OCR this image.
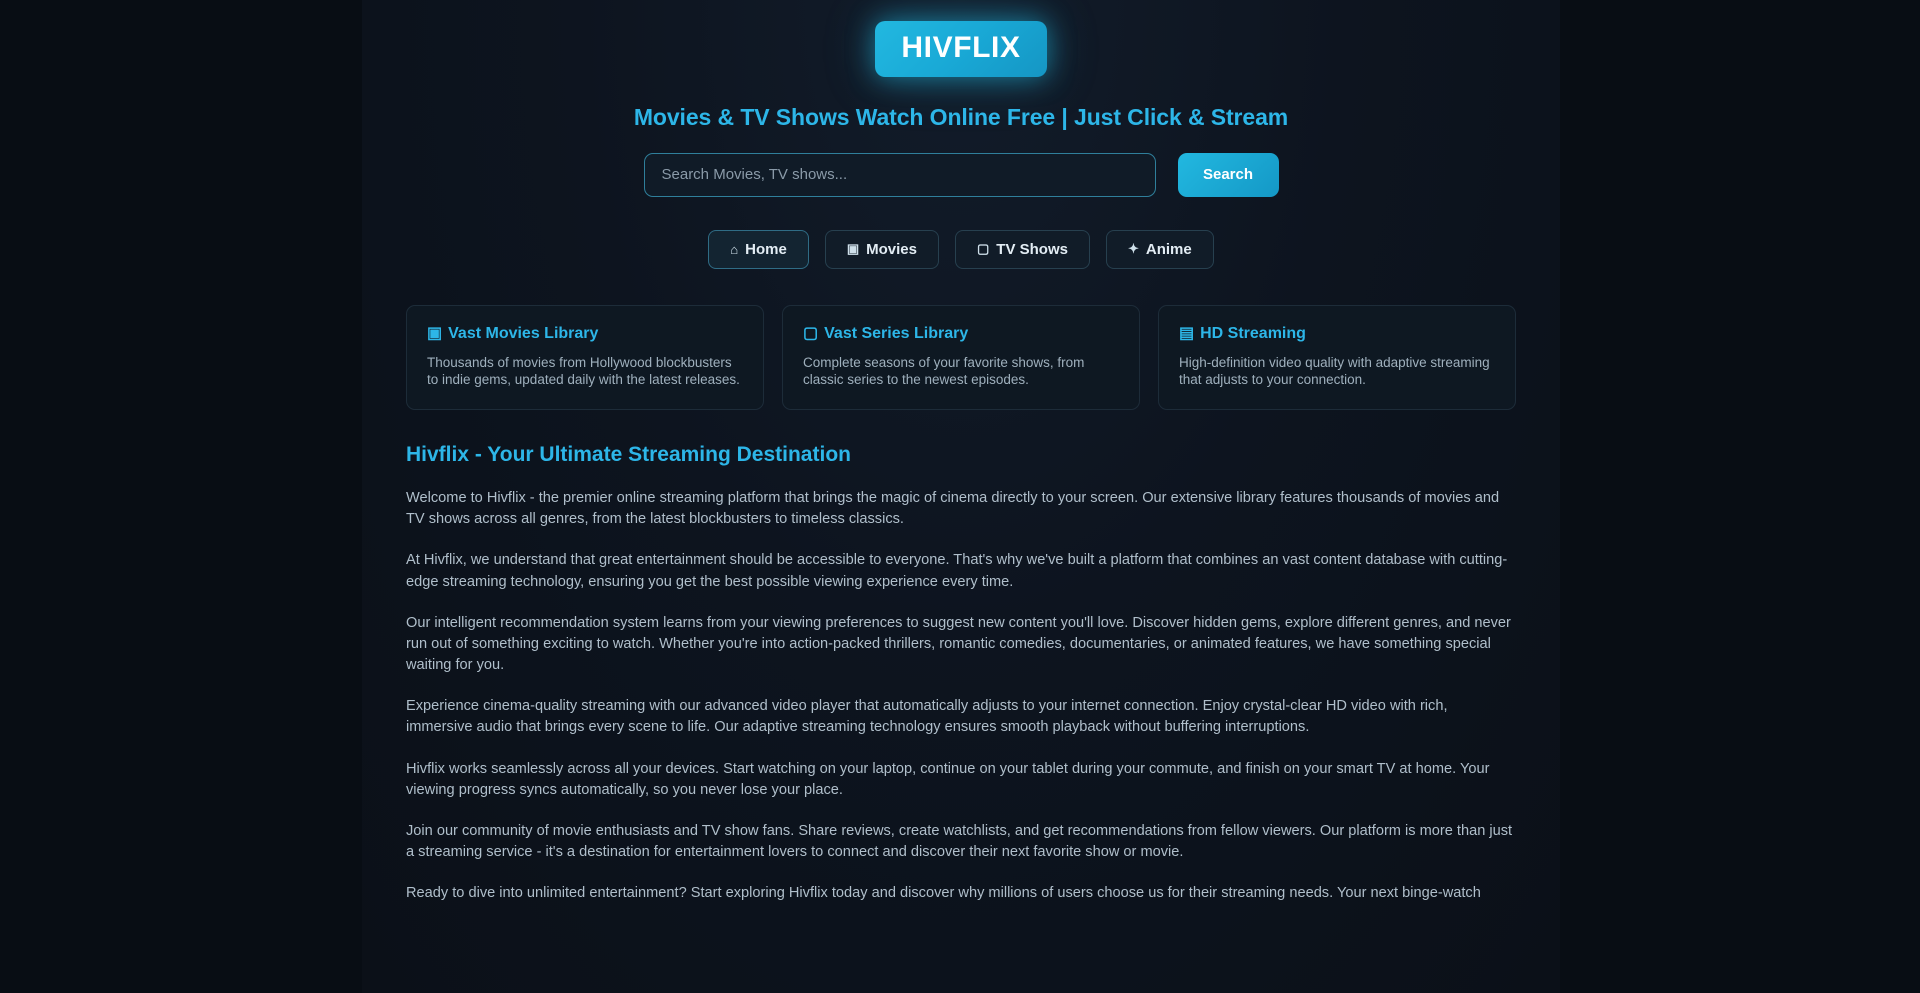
HIVFLIX
Movies & TV Shows Watch Online Free | Just Click & Stream
Search Movies, TV shows...
Search
⌂ Home	▣ Movies	▢ TV Shows	✦ Anime
▣ Vast Movies Library
Thousands of movies from Hollywood blockbusters to indie gems, updated daily with the latest releases.
▢ Vast Series Library
Complete seasons of your favorite shows, from classic series to the newest episodes.
▤ HD Streaming
High-definition video quality with adaptive streaming that adjusts to your connection.
Hivflix - Your Ultimate Streaming Destination

Welcome to Hivflix - the premier online streaming platform that brings the magic of cinema directly to your screen. Our extensive library features thousands of movies and TV shows across all genres, from the latest blockbusters to timeless classics.

At Hivflix, we understand that great entertainment should be accessible to everyone. That's why we've built a platform that combines an vast content database with cutting-edge streaming technology, ensuring you get the best possible viewing experience every time.

Our intelligent recommendation system learns from your viewing preferences to suggest new content you'll love. Discover hidden gems, explore different genres, and never run out of something exciting to watch. Whether you're into action-packed thrillers, romantic comedies, documentaries, or animated features, we have something special waiting for you.

Experience cinema-quality streaming with our advanced video player that automatically adjusts to your internet connection. Enjoy crystal-clear HD video with rich, immersive audio that brings every scene to life. Our adaptive streaming technology ensures smooth playback without buffering interruptions.

Hivflix works seamlessly across all your devices. Start watching on your laptop, continue on your tablet during your commute, and finish on your smart TV at home. Your viewing progress syncs automatically, so you never lose your place.

Join our community of movie enthusiasts and TV show fans. Share reviews, create watchlists, and get recommendations from fellow viewers. Our platform is more than just a streaming service - it's a destination for entertainment lovers to connect and discover their next favorite show or movie.

Ready to dive into unlimited entertainment? Start exploring Hivflix today and discover why millions of users choose us for their streaming needs. Your next binge-watch
